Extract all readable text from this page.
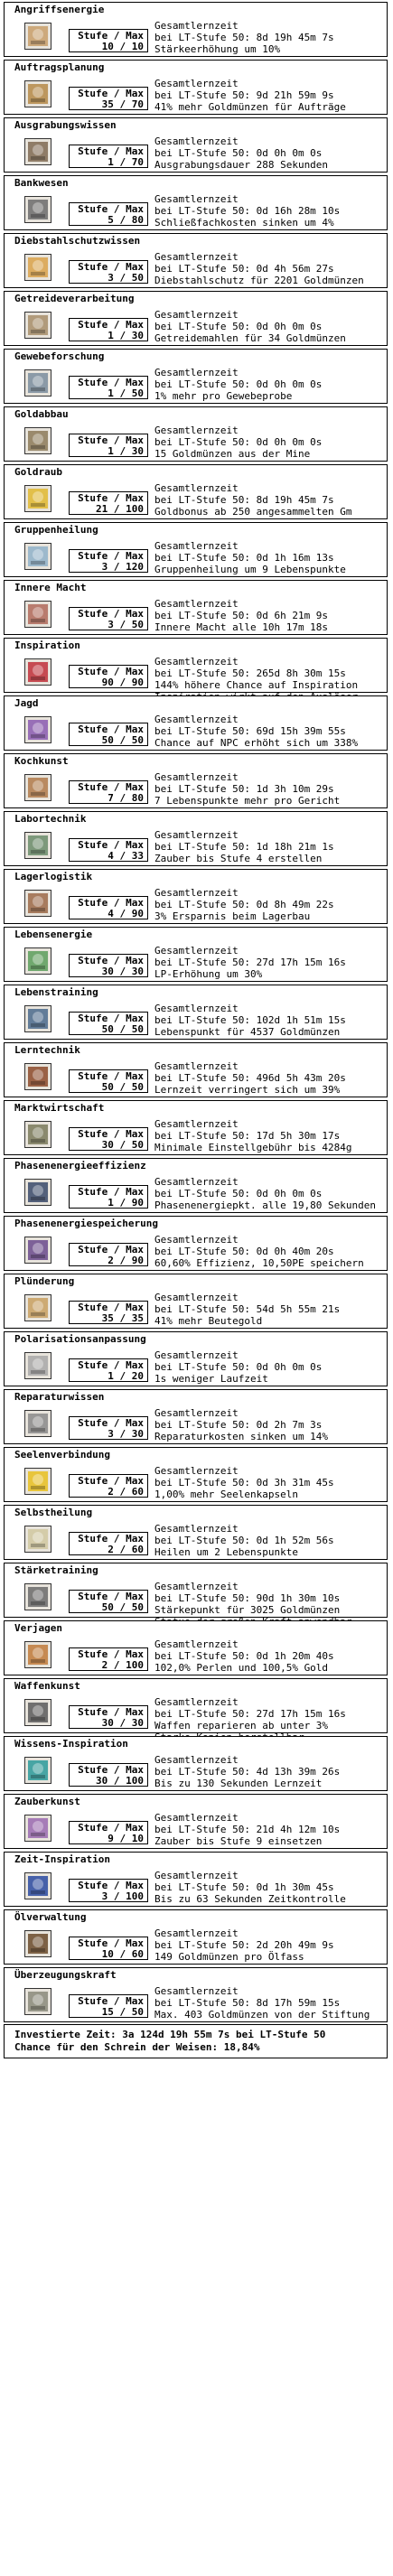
Angriffsenergie
Stufe / Max
10 / 10
Gesamtlernzeit
bei LT-Stufe 50: 8d 19h 45m 7s
Stärkeerhöhung um 10%
Auftragsplanung
Stufe / Max
35 / 70
Gesamtlernzeit
bei LT-Stufe 50: 9d 21h 59m 9s
41% mehr Goldmünzen für Aufträge
Ausgrabungswissen
Stufe / Max
1 / 70
Gesamtlernzeit
bei LT-Stufe 50: 0d 0h 0m 0s
Ausgrabungsdauer 288 Sekunden
Bankwesen
Stufe / Max
5 / 80
Gesamtlernzeit
bei LT-Stufe 50: 0d 16h 28m 10s
Schließfachkosten sinken um 4%
Diebstahlschutzwissen
Stufe / Max
3 / 50
Gesamtlernzeit
bei LT-Stufe 50: 0d 4h 56m 27s
Diebstahlschutz für 2201 Goldmünzen
Getreideverarbeitung
Stufe / Max
1 / 30
Gesamtlernzeit
bei LT-Stufe 50: 0d 0h 0m 0s
Getreidemahlen für 34 Goldmünzen
Gewebeforschung
Stufe / Max
1 / 50
Gesamtlernzeit
bei LT-Stufe 50: 0d 0h 0m 0s
1% mehr pro Gewebeprobe
Goldabbau
Stufe / Max
1 / 30
Gesamtlernzeit
bei LT-Stufe 50: 0d 0h 0m 0s
15 Goldmünzen aus der Mine
Goldraub
Stufe / Max
21 / 100
Gesamtlernzeit
bei LT-Stufe 50: 8d 19h 45m 7s
Goldbonus ab 250 angesammelten Gm
Gruppenheilung
Stufe / Max
3 / 120
Gesamtlernzeit
bei LT-Stufe 50: 0d 1h 16m 13s
Gruppenheilung um 9 Lebenspunkte
Innere Macht
Stufe / Max
3 / 50
Gesamtlernzeit
bei LT-Stufe 50: 0d 6h 21m 9s
Innere Macht alle 10h 17m 18s
Inspiration
Stufe / Max
90 / 90
Gesamtlernzeit
bei LT-Stufe 50: 265d 8h 30m 15s
144% höhere Chance auf Inspiration
Jagd
Stufe / Max
50 / 50
Gesamtlernzeit
bei LT-Stufe 50: 69d 15h 39m 55s
Chance auf NPC erhöht sich um 338%
Kochkunst
Stufe / Max
7 / 80
Gesamtlernzeit
bei LT-Stufe 50: 1d 3h 10m 29s
7 Lebenspunkte mehr pro Gericht
Labortechnik
Stufe / Max
4 / 33
Gesamtlernzeit
bei LT-Stufe 50: 1d 18h 21m 1s
Zauber bis Stufe 4 erstellen
Lagerlogistik
Stufe / Max
4 / 90
Gesamtlernzeit
bei LT-Stufe 50: 0d 8h 49m 22s
3% Ersparnis beim Lagerbau
Lebensenergie
Stufe / Max
30 / 30
Gesamtlernzeit
bei LT-Stufe 50: 27d 17h 15m 16s
LP-Erhöhung um 30%
Lebenstraining
Stufe / Max
50 / 50
Gesamtlernzeit
bei LT-Stufe 50: 102d 1h 51m 15s
Lebenspunkt für 4537 Goldmünzen
Lerntechnik
Stufe / Max
50 / 50
Gesamtlernzeit
bei LT-Stufe 50: 496d 5h 43m 20s
Lernzeit verringert sich um 39%
Marktwirtschaft
Stufe / Max
30 / 50
Gesamtlernzeit
bei LT-Stufe 50: 17d 5h 30m 17s
Minimale Einstellgebühr bis 4284g
Phasenenergieeffizienz
Stufe / Max
1 / 90
Gesamtlernzeit
bei LT-Stufe 50: 0d 0h 0m 0s
Phasenenergiepkt. alle 19,80 Sekunden
Phasenenergiespeicherung
Stufe / Max
2 / 90
Gesamtlernzeit
bei LT-Stufe 50: 0d 0h 40m 20s
60,60% Effizienz, 10,50PE speichern
Plünderung
Stufe / Max
35 / 35
Gesamtlernzeit
bei LT-Stufe 50: 54d 5h 55m 21s
41% mehr Beutegold
Polarisationsanpassung
Stufe / Max
1 / 20
Gesamtlernzeit
bei LT-Stufe 50: 0d 0h 0m 0s
1s weniger Laufzeit
Reparaturwissen
Stufe / Max
3 / 30
Gesamtlernzeit
bei LT-Stufe 50: 0d 2h 7m 3s
Reparaturkosten sinken um 14%
Seelenverbindung
Stufe / Max
2 / 60
Gesamtlernzeit
bei LT-Stufe 50: 0d 3h 31m 45s
1,00% mehr Seelenkapseln
Selbstheilung
Stufe / Max
2 / 60
Gesamtlernzeit
bei LT-Stufe 50: 0d 1h 52m 56s
Heilen um 2 Lebenspunkte
Stärketraining
Stufe / Max
50 / 50
Gesamtlernzeit
bei LT-Stufe 50: 90d 1h 30m 10s
Stärkepunkt für 3025 Goldmünzen
Verjagen
Stufe / Max
2 / 100
Gesamtlernzeit
bei LT-Stufe 50: 0d 1h 20m 40s
102,0% Perlen und 100,5% Gold
Waffenkunst
Stufe / Max
30 / 30
Gesamtlernzeit
bei LT-Stufe 50: 27d 17h 15m 16s
Waffen reparieren ab unter 3%
Wissens-Inspiration
Stufe / Max
30 / 100
Gesamtlernzeit
bei LT-Stufe 50: 4d 13h 39m 26s
Bis zu 130 Sekunden Lernzeit
Zauberkunst
Stufe / Max
9 / 10
Gesamtlernzeit
bei LT-Stufe 50: 21d 4h 12m 10s
Zauber bis Stufe 9 einsetzen
Zeit-Inspiration
Stufe / Max
3 / 100
Gesamtlernzeit
bei LT-Stufe 50: 0d 1h 30m 45s
Bis zu 63 Sekunden Zeitkontrolle
Ölverwaltung
Stufe / Max
10 / 60
Gesamtlernzeit
bei LT-Stufe 50: 2d 20h 49m 9s
149 Goldmünzen pro Ölfass
Überzeugungskraft
Stufe / Max
15 / 50
Gesamtlernzeit
bei LT-Stufe 50: 8d 17h 59m 15s
Max. 403 Goldmünzen von der Stiftung
Investierte Zeit: 3a 124d 19h 55m 7s bei LT-Stufe 50
Chance für den Schrein der Weisen: 18,84%
